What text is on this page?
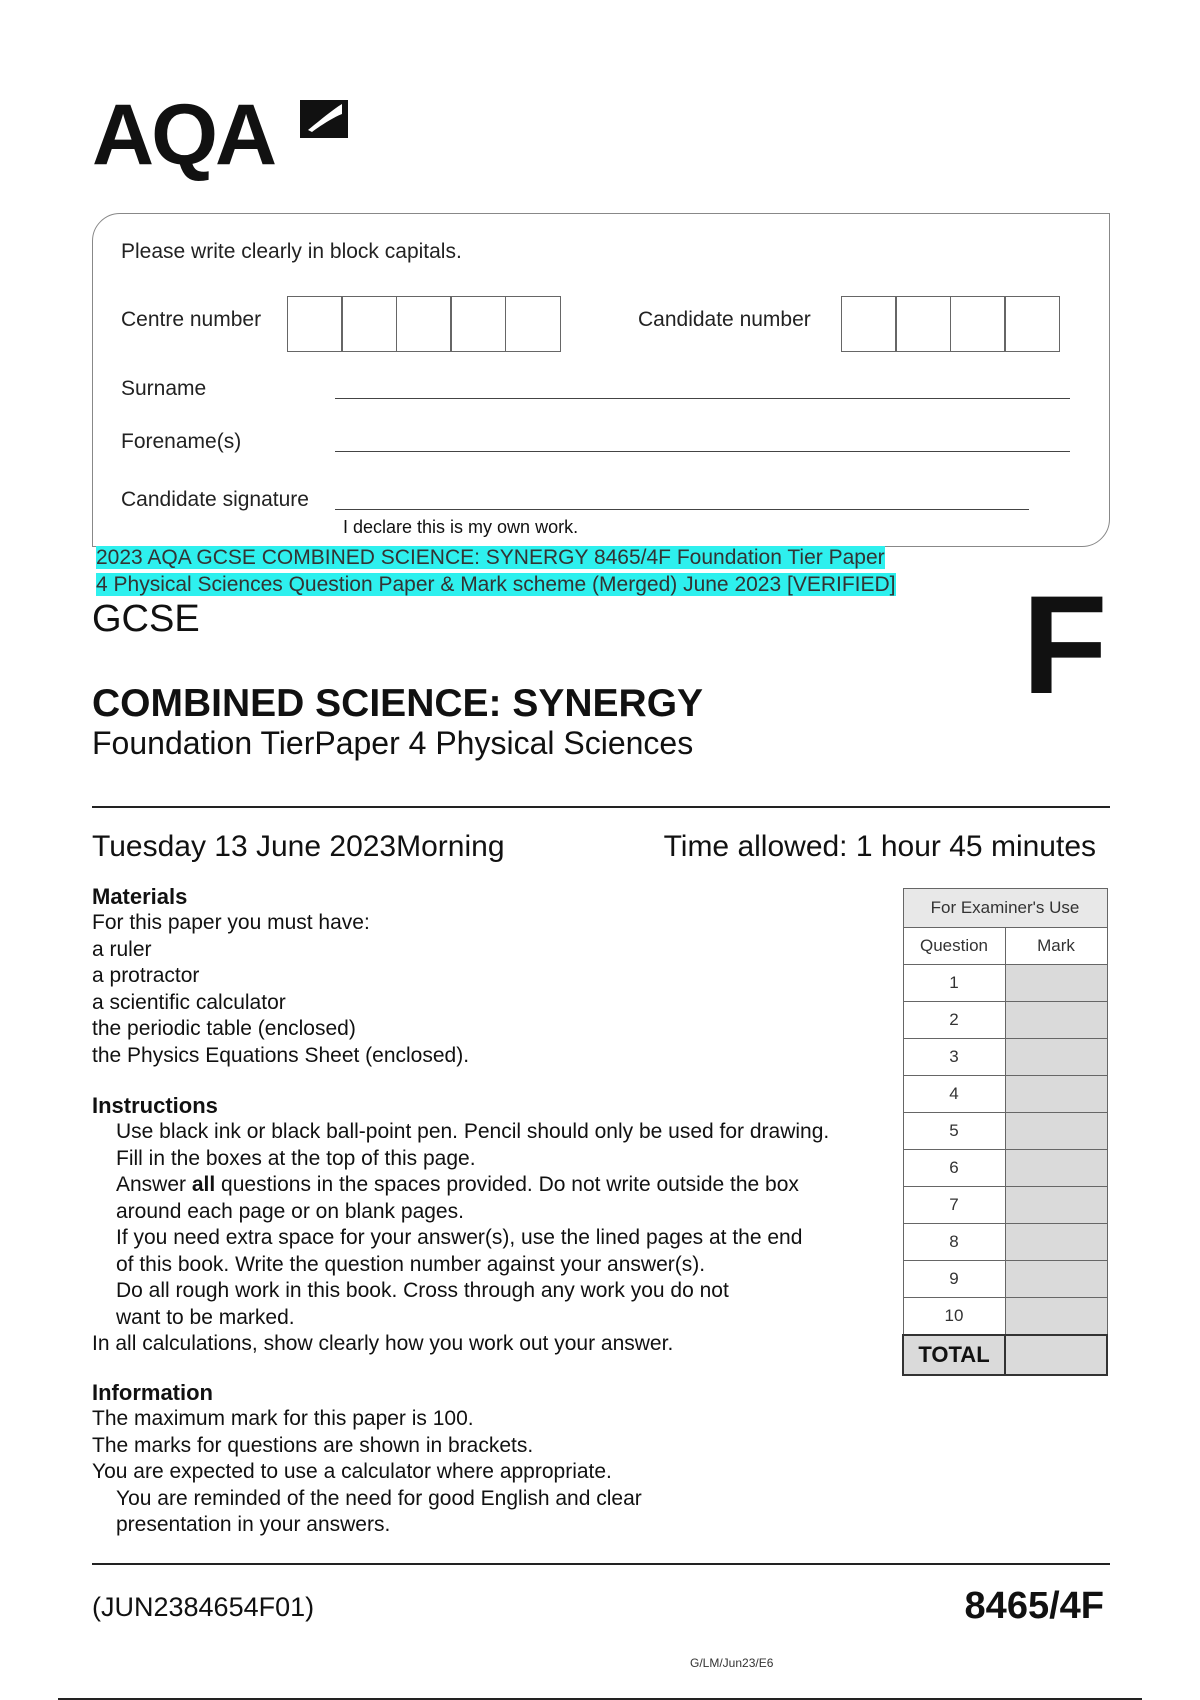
AQA
Please write clearly in block capitals.
Centre number	Candidate number
Surname
Forename(s)
Candidate signature
I declare this is my own work.
2023 AQA GCSE COMBINED SCIENCE: SYNERGY 8465/4F Foundation Tier Paper
4 Physical Sciences Question Paper & Mark scheme (Merged) June 2023 [VERIFIED]
GCSE	F
COMBINED SCIENCE: SYNERGY
Foundation TierPaper 4 Physical Sciences
Tuesday 13 June 2023Morning	Time allowed: 1 hour 45 minutes
Materials
For this paper you must have:
a ruler
a protractor
a scientific calculator
the periodic table (enclosed)
the Physics Equations Sheet (enclosed).
Instructions
Use black ink or black ball-point pen. Pencil should only be used for drawing.
Fill in the boxes at the top of this page.
Answer all questions in the spaces provided. Do not write outside the box
around each page or on blank pages.
If you need extra space for your answer(s), use the lined pages at the end
of this book. Write the question number against your answer(s).
Do all rough work in this book. Cross through any work you do not
want to be marked.
In all calculations, show clearly how you work out your answer.
Information
The maximum mark for this paper is 100.
The marks for questions are shown in brackets.
You are expected to use a calculator where appropriate.
You are reminded of the need for good English and clear
presentation in your answers.
For Examiner's Use	
Question	Mark
1	
2	
3	
4	
5	
6	
7	
8	
9	
10	
TOTAL	
(JUN2384654F01)	8465/4F
G/LM/Jun23/E6
